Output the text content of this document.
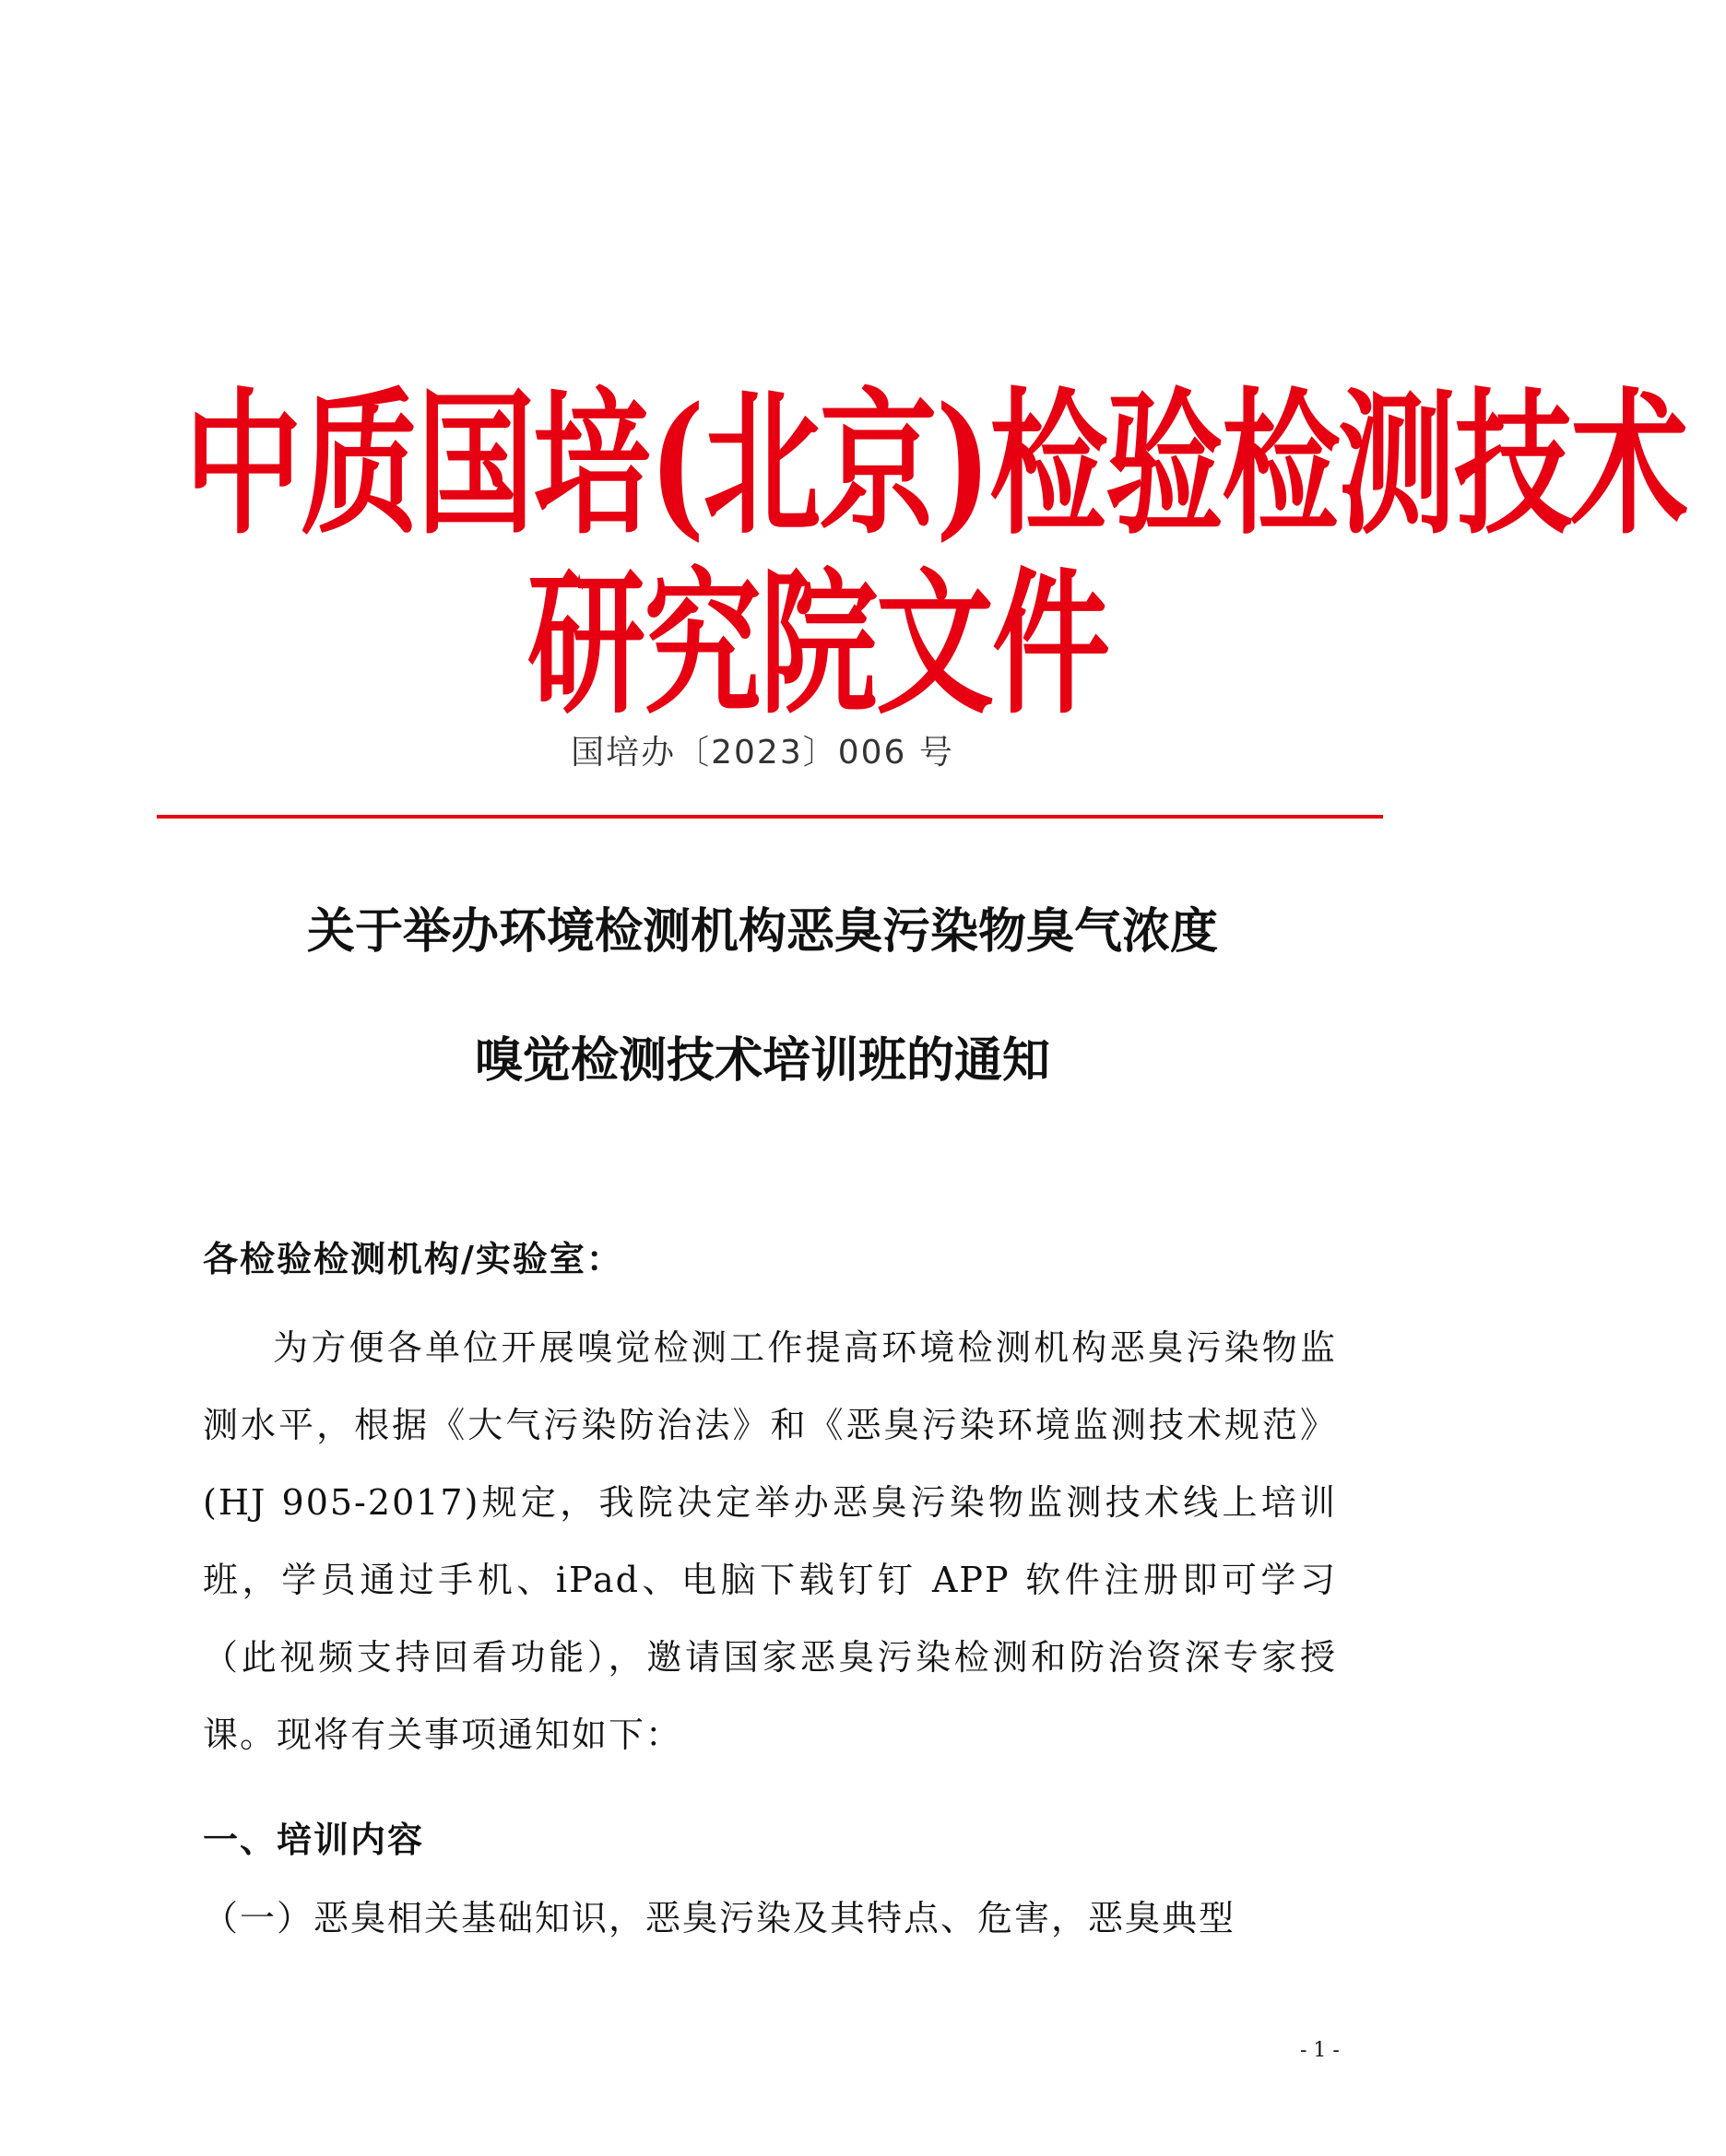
中质国培(北京)检验检测技术
研究院文件
国培办〔2023〕006 号
关于举办环境检测机构恶臭污染物臭气浓度
嗅觉检测技术培训班的通知
各检验检测机构/实验室：
为方便各单位开展嗅觉检测工作提高环境检测机构恶臭污染物监测水平，根据《大气污染防治法》和《恶臭污染环境监测技术规范》(HJ 905-2017)规定，我院决定举办恶臭污染物监测技术线上培训班，学员通过手机、iPad、电脑下载钉钉 APP 软件注册即可学习（此视频支持回看功能），邀请国家恶臭污染检测和防治资深专家授课。现将有关事项通知如下：
一、培训内容
（一）恶臭相关基础知识，恶臭污染及其特点、危害，恶臭典型
- 1 -
